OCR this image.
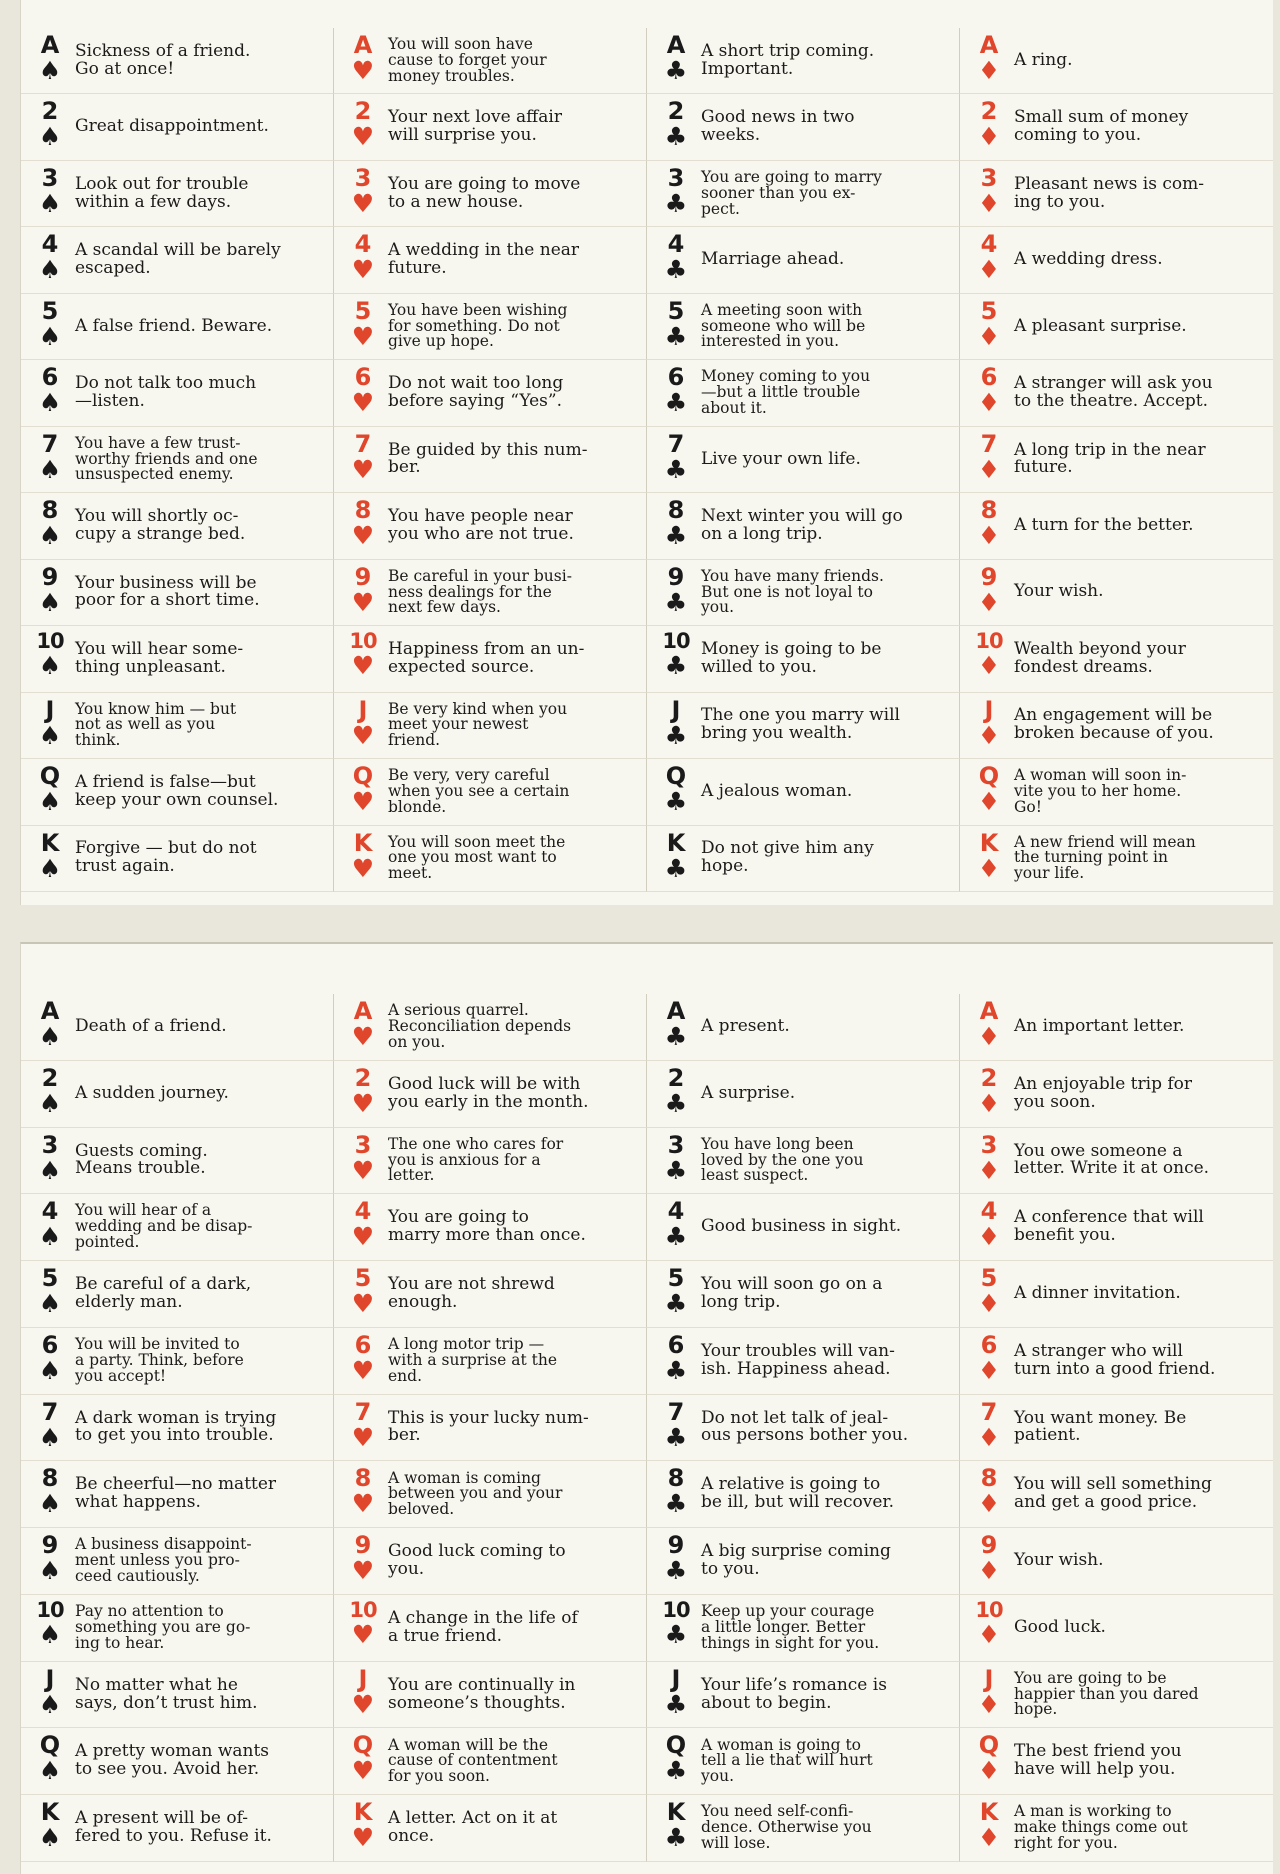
A
♠
Sickness of a friend.
Go at once!
A
♥
You will soon have
cause to forget your
money troubles.
A
♣
A short trip coming.
Important.
A
♦ A ring.
2
♠ Great disappointment.
2
♥
Your next love affair
will surprise you.
2
♣
Good news in two
weeks.
2
♦
Small sum of money
coming to you.
3
♠
Look out for trouble
within a few days.
3
♥
You are going to move
to a new house.
3
♣
You are going to marry
sooner than you ex-
pect.
3
♦
Pleasant news is com-
ing to you.
4
♠
A scandal will be barely
escaped.
4
♥
A wedding in the near
future.
4
♣ Marriage ahead.
4
♦ A wedding dress.
5
♠ A false friend. Beware.
5
♥
You have been wishing
for something. Do not
give up hope.
5
♣
A meeting soon with
someone who will be
interested in you.
5
♦ A pleasant surprise.
6
♠
Do not talk too much
—listen.
6
♥
Do not wait too long
before saying “Yes”.
6
♣
Money coming to you
—but a little trouble
about it.
6
♦
A stranger will ask you
to the theatre. Accept.
7
♠
You have a few trust-
worthy friends and one
unsuspected enemy.
7
♥
Be guided by this num-
ber.
7
♣ Live your own life.
7
♦
A long trip in the near
future.
8
♠
You will shortly oc-
cupy a strange bed.
8
♥
You have people near
you who are not true.
8
♣
Next winter you will go
on a long trip.
8
♦ A turn for the better.
9
♠
Your business will be
poor for a short time.
9
♥
Be careful in your busi-
ness dealings for the
next few days.
9
♣
You have many friends.
But one is not loyal to
you.
9
♦ Your wish.
10
♠
You will hear some-
thing unpleasant.
10
♥
Happiness from an un-
expected source.
10
♣
Money is going to be
willed to you.
10
♦
Wealth beyond your
fondest dreams.
J
♠
You know him — but
not as well as you
think.
J
♥
Be very kind when you
meet your newest
friend.
J
♣
The one you marry will
bring you wealth.
J
♦
An engagement will be
broken because of you.
Q
♠
A friend is false—but
keep your own counsel.
Q
♥
Be very, very careful
when you see a certain
blonde.
Q
♣ A jealous woman.
Q
♦
A woman will soon in-
vite you to her home.
Go!
K
♠
Forgive — but do not
trust again.
K
♥
You will soon meet the
one you most want to
meet.
K
♣
Do not give him any
hope.
K
♦
A new friend will mean
the turning point in
your life.
A
♠ Death of a friend.
A
♥
A serious quarrel.
Reconciliation depends
on you.
A
♣ A present.
A
♦ An important letter.
2
♠ A sudden journey.
2
♥
Good luck will be with
you early in the month.
2
♣ A surprise.
2
♦
An enjoyable trip for
you soon.
3
♠
Guests coming.
Means trouble.
3
♥
The one who cares for
you is anxious for a
letter.
3
♣
You have long been
loved by the one you
least suspect.
3
♦
You owe someone a
letter. Write it at once.
4
♠
You will hear of a
wedding and be disap-
pointed.
4
♥
You are going to
marry more than once.
4
♣ Good business in sight.
4
♦
A conference that will
benefit you.
5
♠
Be careful of a dark,
elderly man.
5
♥
You are not shrewd
enough.
5
♣
You will soon go on a
long trip.
5
♦ A dinner invitation.
6
♠
You will be invited to
a party. Think, before
you accept!
6
♥
A long motor trip —
with a surprise at the
end.
6
♣
Your troubles will van-
ish. Happiness ahead.
6
♦
A stranger who will
turn into a good friend.
7
♠
A dark woman is trying
to get you into trouble.
7
♥
This is your lucky num-
ber.
7
♣
Do not let talk of jeal-
ous persons bother you.
7
♦
You want money. Be
patient.
8
♠
Be cheerful—no matter
what happens.
8
♥
A woman is coming
between you and your
beloved.
8
♣
A relative is going to
be ill, but will recover.
8
♦
You will sell something
and get a good price.
9
♠
A business disappoint-
ment unless you pro-
ceed cautiously.
9
♥
Good luck coming to
you.
9
♣
A big surprise coming
to you.
9
♦ Your wish.
10
♠
Pay no attention to
something you are go-
ing to hear.
10
♥
A change in the life of
a true friend.
10
♣
Keep up your courage
a little longer. Better
things in sight for you.
10
♦ Good luck.
J
♠
No matter what he
says, don’t trust him.
J
♥
You are continually in
someone’s thoughts.
J
♣
Your life’s romance is
about to begin.
J
♦
You are going to be
happier than you dared
hope.
Q
♠
A pretty woman wants
to see you. Avoid her.
Q
♥
A woman will be the
cause of contentment
for you soon.
Q
♣
A woman is going to
tell a lie that will hurt
you.
Q
♦
The best friend you
have will help you.
K
♠
A present will be of-
fered to you. Refuse it.
K
♥
A letter. Act on it at
once.
K
♣
You need self-confi-
dence. Otherwise you
will lose.
K
♦
A man is working to
make things come out
right for you.
